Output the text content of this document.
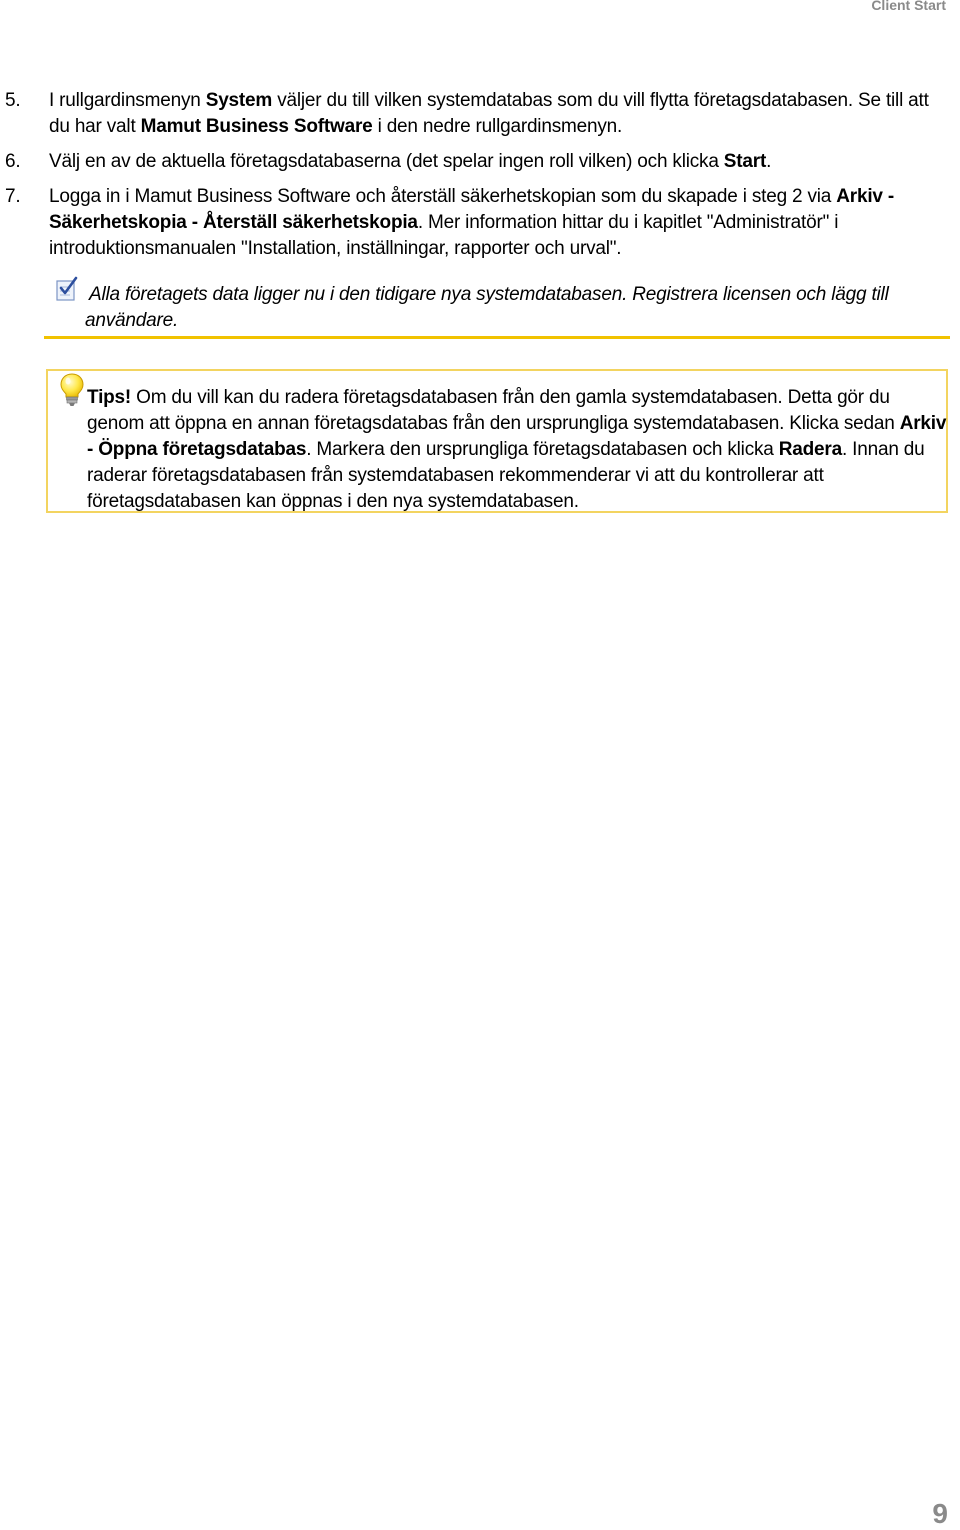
Client Start
5. I rullgardinsmenyn System väljer du till vilken systemdatabas som du vill flytta företagsdatabasen. Se till att du har valt Mamut Business Software i den nedre rullgardinsmenyn.
6. Välj en av de aktuella företagsdatabaserna (det spelar ingen roll vilken) och klicka Start.
7. Logga in i Mamut Business Software och återställ säkerhetskopian som du skapade i steg 2 via Arkiv - Säkerhetskopia - Återställ säkerhetskopia. Mer information hittar du i kapitlet "Administratör" i introduktionsmanualen "Installation, inställningar, rapporter och urval".
Alla företagets data ligger nu i den tidigare nya systemdatabasen. Registrera licensen och lägg till
användare.
Tips! Om du vill kan du radera företagsdatabasen från den gamla systemdatabasen. Detta gör du genom att öppna en annan företagsdatabas från den ursprungliga systemdatabasen. Klicka sedan Arkiv - Öppna företagsdatabas. Markera den ursprungliga företagsdatabasen och klicka Radera. Innan du raderar företagsdatabasen från systemdatabasen rekommenderar vi att du kontrollerar att företagsdatabasen kan öppnas i den nya systemdatabasen.
9
